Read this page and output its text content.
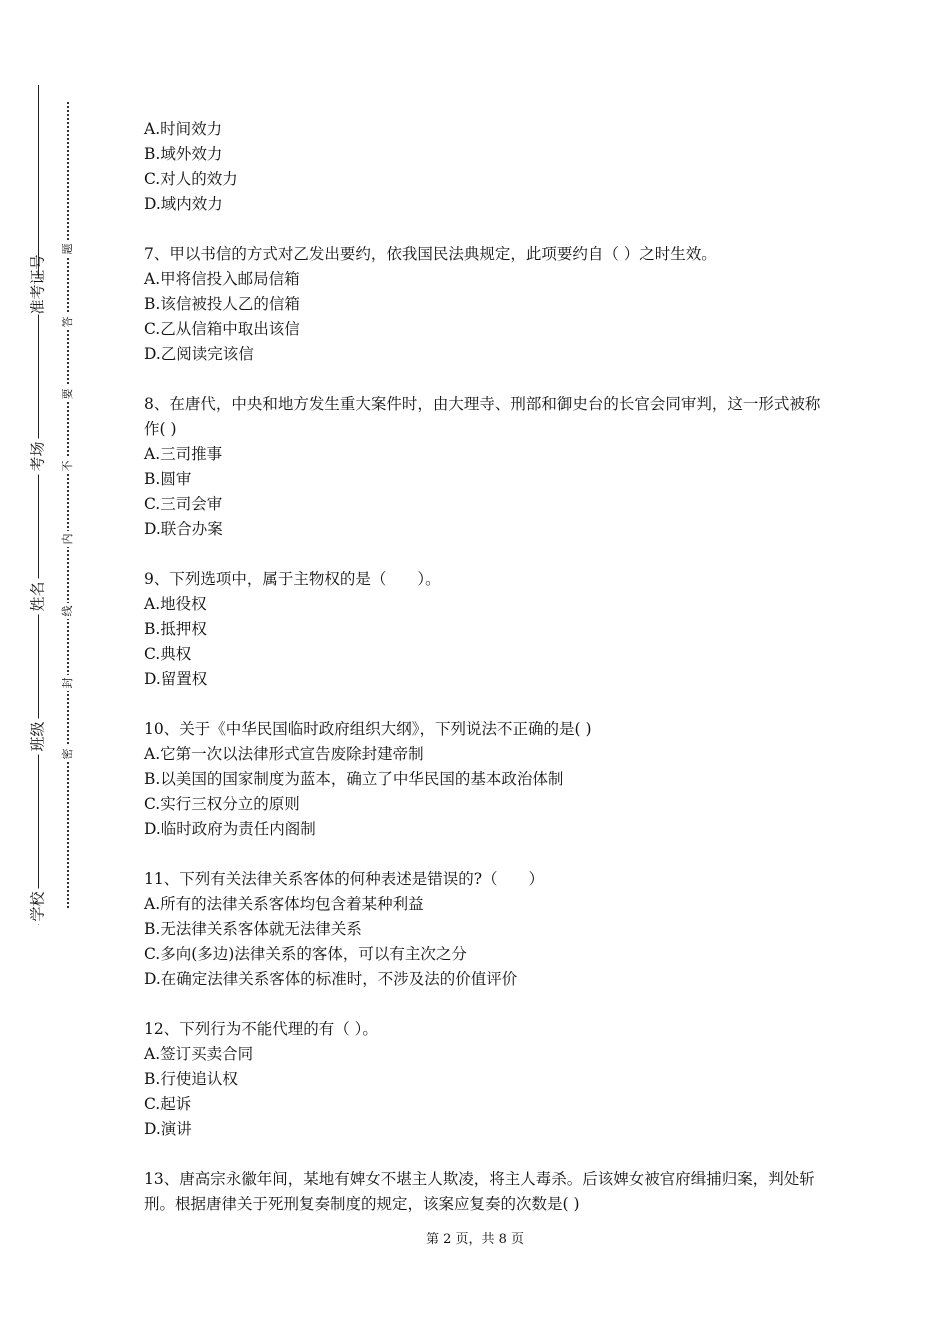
准考证号
考场
姓名
班级
学校
题
答
要
不
内
线
封
密
A.时间效力
B.域外效力
C.对人的效力
D.域内效力
7、甲以书信的方式对乙发出要约，依我国民法典规定，此项要约自（ ）之时生效。
A.甲将信投入邮局信箱
B.该信被投人乙的信箱
C.乙从信箱中取出该信
D.乙阅读完该信
8、在唐代，中央和地方发生重大案件时，由大理寺、刑部和御史台的长官会同审判，这一形式被称作( )
A.三司推事
B.圆审
C.三司会审
D.联合办案
9、下列选项中，属于主物权的是（　　）。
A.地役权
B.抵押权
C.典权
D.留置权
10、关于《中华民国临时政府组织大纲》，下列说法不正确的是( )
A.它第一次以法律形式宣告废除封建帝制
B.以美国的国家制度为蓝本，确立了中华民国的基本政治体制
C.实行三权分立的原则
D.临时政府为责任内阁制
11、下列有关法律关系客体的何种表述是错误的?（　　）
A.所有的法律关系客体均包含着某种利益
B.无法律关系客体就无法律关系
C.多向(多边)法律关系的客体，可以有主次之分
D.在确定法律关系客体的标准时，不涉及法的价值评价
12、下列行为不能代理的有（ ）。
A.签订买卖合同
B.行使追认权
C.起诉
D.演讲
13、唐高宗永徽年间，某地有婢女不堪主人欺凌，将主人毒杀。后该婢女被官府缉捕归案，判处斩刑。根据唐律关于死刑复奏制度的规定，该案应复奏的次数是( )
第 2 页，共 8 页
